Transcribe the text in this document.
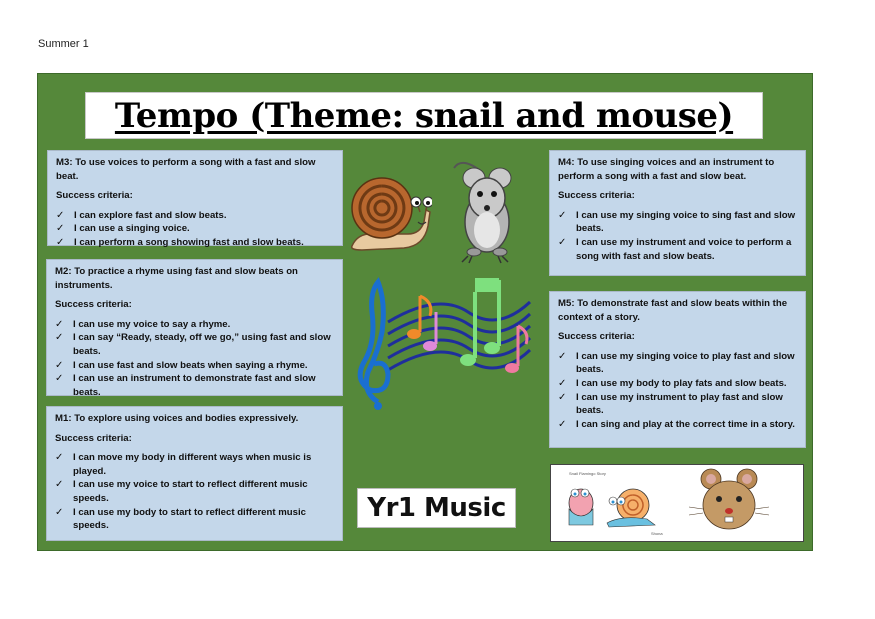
Summer 1
Tempo (Theme: snail and mouse)
M3: To use voices to perform a song with a fast and slow beat.
Success criteria:
✓ I can explore fast and slow beats.
✓ I can use a singing voice.
✓ I can perform a song showing fast and slow beats.
M2: To practice a rhyme using fast and slow beats on instruments.
Success criteria:
✓ I can use my voice to say a rhyme.
✓ I can say “Ready, steady, off we go,” using fast and slow beats.
✓ I can use fast and slow beats when saying a rhyme.
✓ I can use an instrument to demonstrate fast and slow beats.
M1: To explore using voices and bodies expressively.
Success criteria:
✓ I can move my body in different ways when music is played.
✓ I can use my voice to start to reflect different music speeds.
✓ I can use my body to start to reflect different music speeds.
M4: To use singing voices and an instrument to perform a song with a fast and slow beat.
Success criteria:
✓ I can use my singing voice to sing fast and slow beats.
✓ I can use my instrument and voice to perform a song with fast and slow beats.
M5: To demonstrate fast and slow beats within the context of a story.
Success criteria:
✓ I can use my singing voice to play fast and slow beats.
✓ I can use my body to play fats and slow beats.
✓ I can use my instrument to play fast and slow beats.
✓ I can sing and play at the correct time in a story.
Yr1 Music
Snail Flamingo Story
Shona
